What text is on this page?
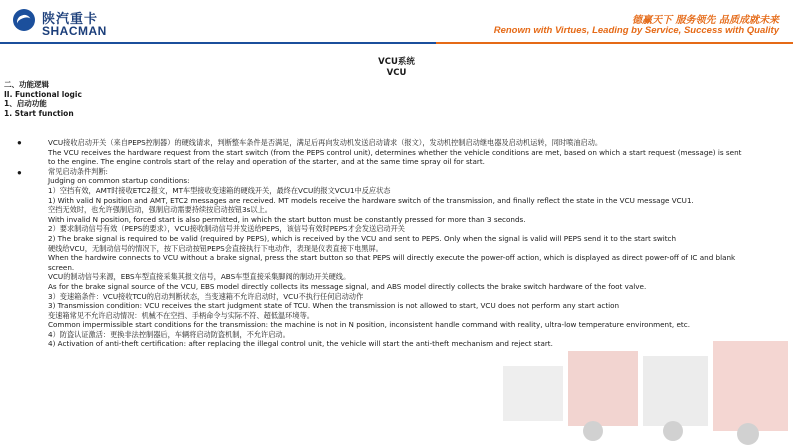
陕汽重卡
SHACMAN
德赢天下 服务领先 品质成就未来
Renown with Virtues, Leading by Service, Success with Quality
VCU系统
VCU
二、功能逻辑
II. Functional logic
1、启动功能
1. Start function
●
●

VCU接收启动开关（来自PEPS控制器）的硬线请求，判断整车条件是否满足，满足后再向发动机发送启动请求（报文），发动机控制启动继电器及启动机运转，同时喷油启动。

The VCU receives the hardware request from the start switch (from the PEPS control unit), determines whether the vehicle conditions are met, based on which a start request (message) is sent to the engine. The engine controls start of the relay and operation of the starter, and at the same time spray oil for start.

常见启动条件判断:

Judging on common startup conditions:

1）空挡有效，AMT时接收ETC2报文，MT车型接收变速箱的硬线开关，最终在VCU的报文VCU1中反应状态

1) With valid N position and AMT, ETC2 messages are received. MT models receive the hardware switch of the transmission, and finally reflect the state in the VCU message VCU1.

空挡无效时，也允许强制启动，强制启动需要持续按启动按钮3s以上。

With invalid N position, forced start is also permitted, in which the start button must be constantly pressed for more than 3 seconds.

2）要求制动信号有效（PEPS的要求），VCU接收制动信号并发送给PEPS，该信号有效时PEPS才会发送启动开关

2) The brake signal is required to be valid (required by PEPS), which is received by the VCU and sent to PEPS. Only when the signal is valid will PEPS send it to the start switch

硬线给VCU，无制动信号的情况下，按下启动按钮PEPS会直接执行下电动作，表现是仪表直接下电黑屏。

When the hardwire connects to VCU without a brake signal, press the start button so that PEPS will directly execute the power-off action, which is displayed as direct power-off of IC and blank screen.

VCU的制动信号来源，EBS车型直接采集其报文信号，ABS车型直接采集脚阀的制动开关硬线。

As for the brake signal source of the VCU, EBS model directly collects its message signal, and ABS model directly collects the brake switch hardware of the foot valve.

3）变速箱条件：VCU接收TCU的启动判断状态，当变速箱不允许启动时，VCU不执行任何启动动作

3) Transmission condition: VCU receives the start judgment state of TCU. When the transmission is not allowed to start, VCU does not perform any start action

变速箱常见不允许启动情况：机械不在空挡、手柄命令与实际不符、超低温环境等。

Common impermissible start conditions for the transmission: the machine is not in N position, inconsistent handle command with reality, ultra-low temperature environment, etc.

4）防盗认证激活：更换非法控制器后，车辆将启动防盗机制，不允许启动。

4) Activation of anti-theft certification: after replacing the illegal control unit, the vehicle will start the anti-theft mechanism and reject start.
